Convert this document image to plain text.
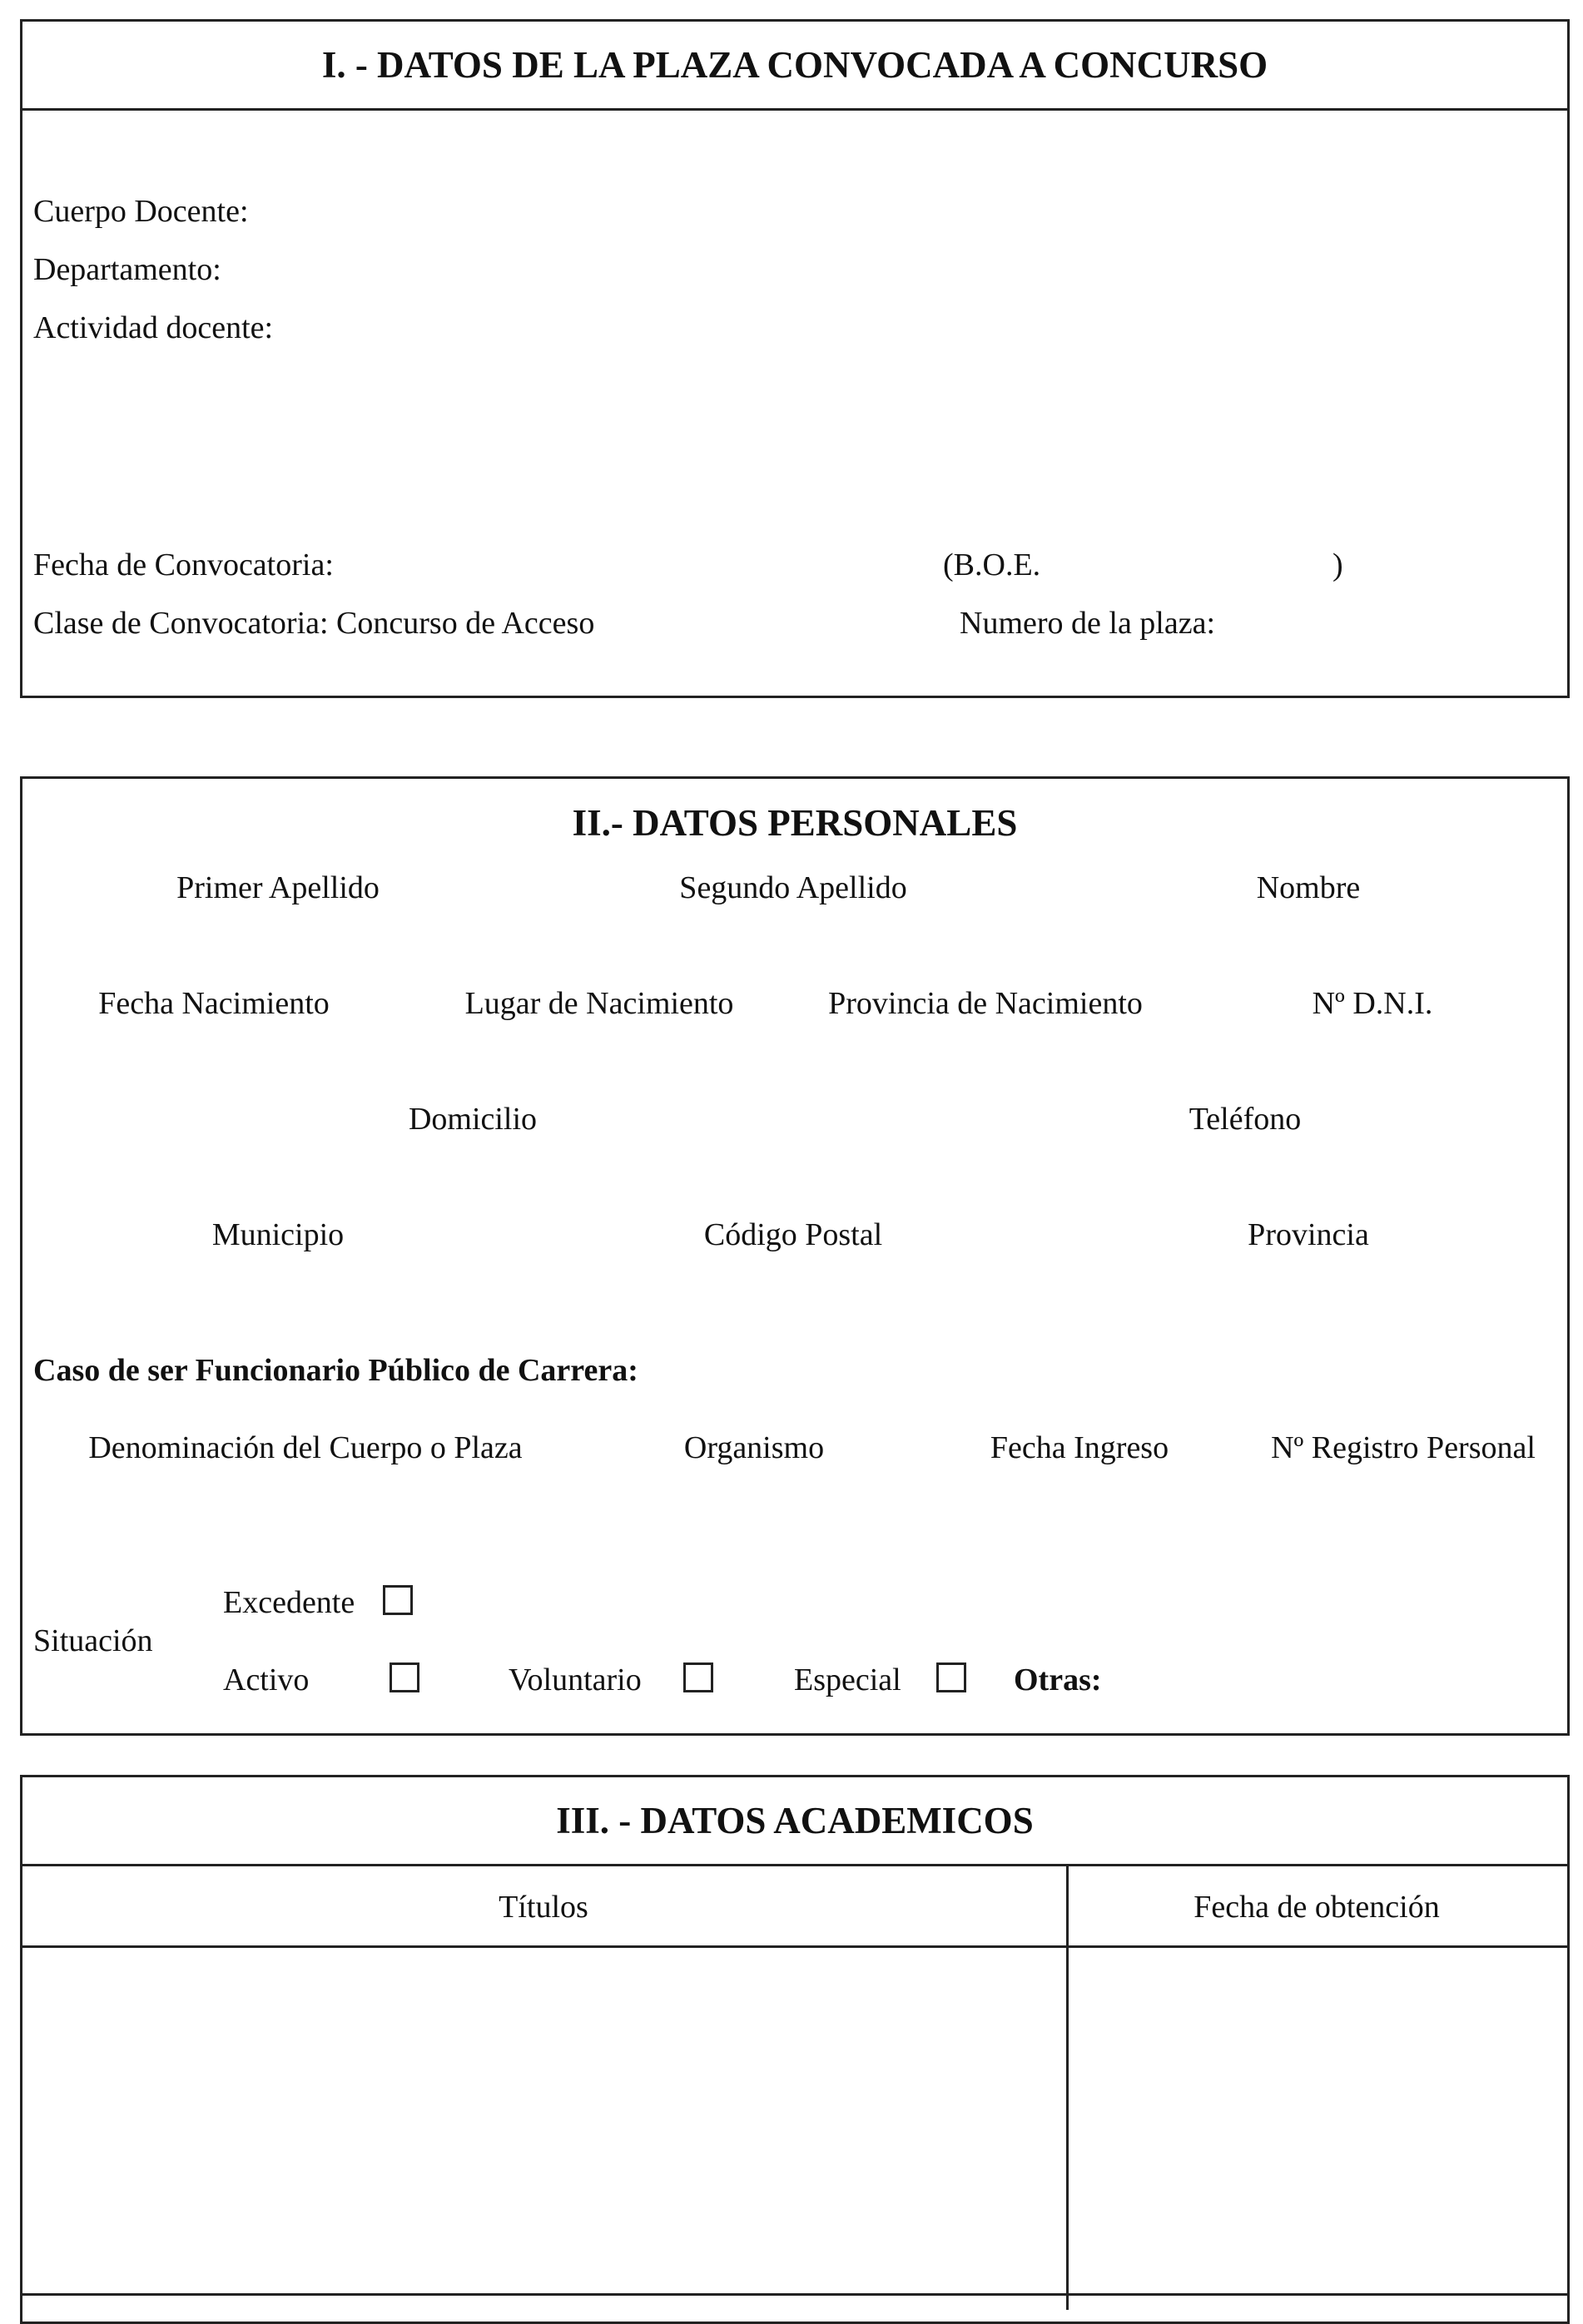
I. - DATOS DE LA PLAZA CONVOCADA A CONCURSO
Cuerpo Docente:
Departamento:
Actividad docente:
Fecha de Convocatoria:	(B.O.E.	)
Clase de Convocatoria: Concurso de Acceso	Numero de la plaza:
II.- DATOS PERSONALES
Primer Apellido	Segundo Apellido	Nombre
Fecha Nacimiento	Lugar de Nacimiento	Provincia de Nacimiento	Nº D.N.I.
Domicilio	Teléfono
Municipio	Código Postal	Provincia
Caso de ser Funcionario Público de Carrera:
Denominación del Cuerpo o Plaza	Organismo	Fecha Ingreso	Nº Registro Personal
Situación
Excedente
Activo	Voluntario	Especial	Otras:
III. - DATOS ACADEMICOS
Títulos	Fecha de obtención
